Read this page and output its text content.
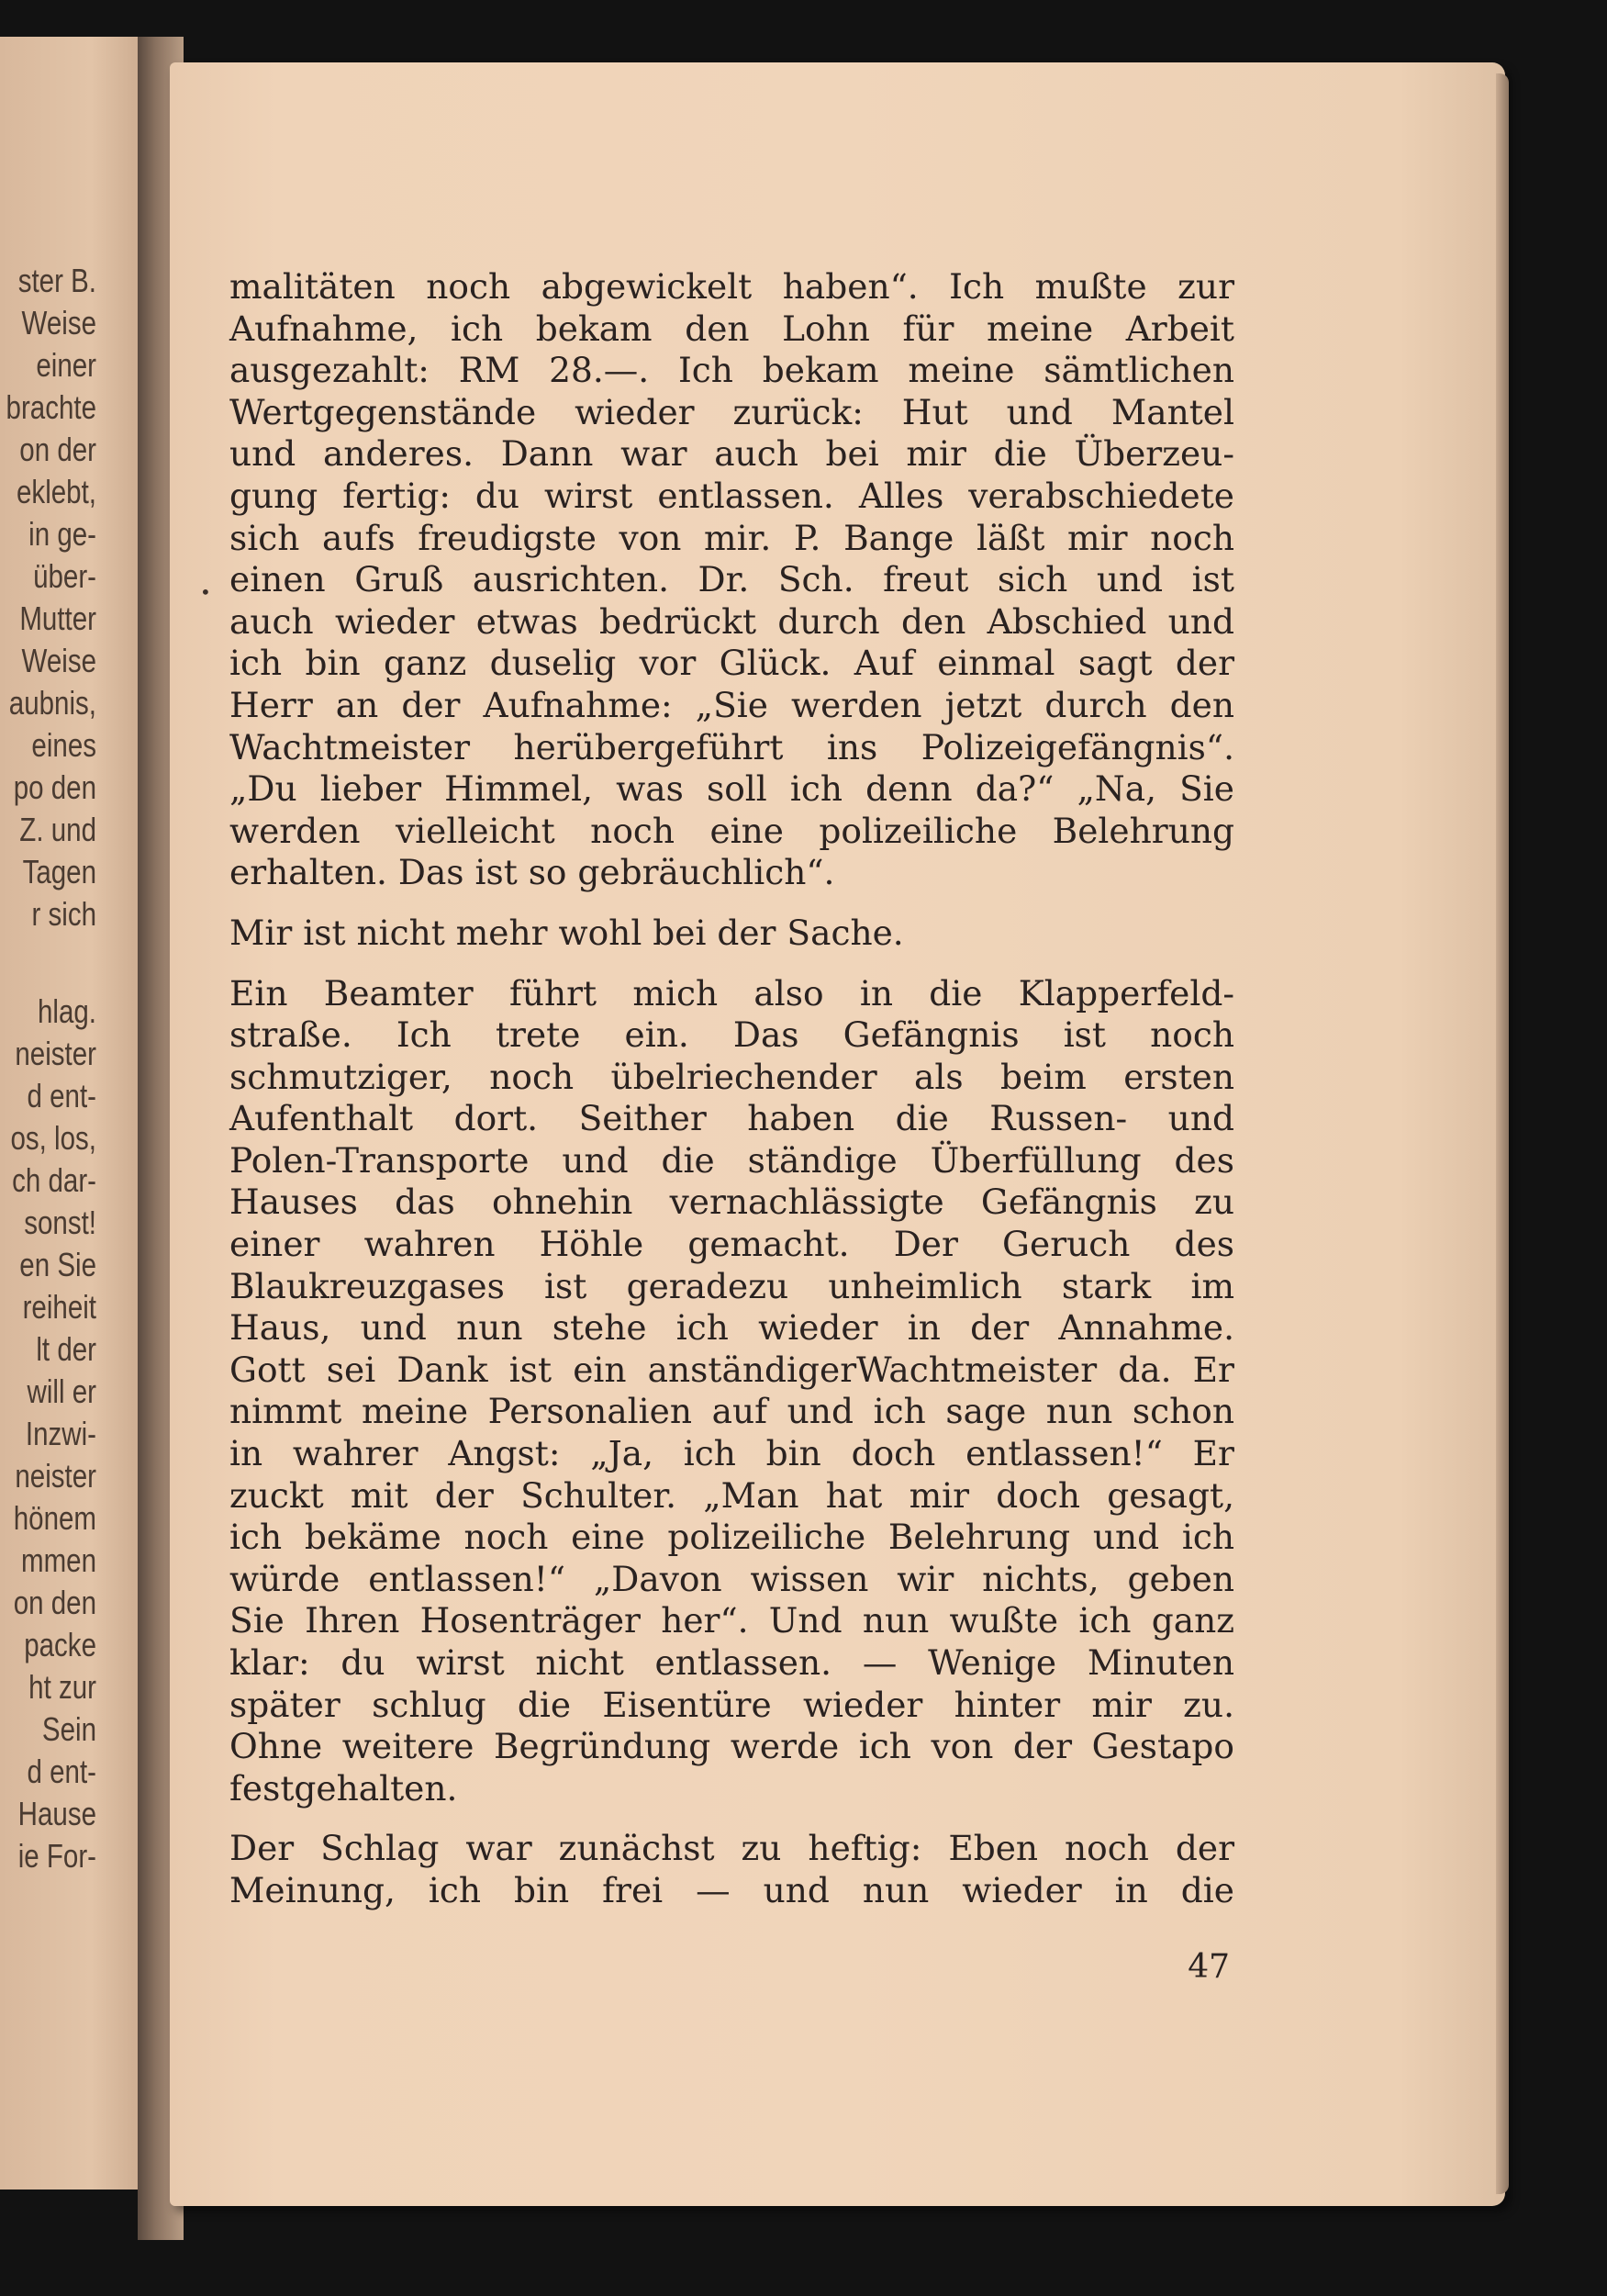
ster B.
Weise
einer
brachte
on der
eklebt,
in ge-
über-
Mutter
Weise
aubnis,
eines
po den
Z. und
Tagen
r sich
hlag.
neister
d ent-
os, los,
ch dar-
sonst!
en Sie
reiheit
lt der
will er
Inzwi-
neister
hönem
mmen
on den
packe
ht zur
Sein
d ent-
Hause
ie For-
•
malitäten noch abgewickelt haben“. Ich mußte zur
Aufnahme, ich bekam den Lohn für meine Arbeit
ausgezahlt: RM 28.—. Ich bekam meine sämtlichen
Wertgegenstände wieder zurück: Hut und Mantel
und anderes. Dann war auch bei mir die Überzeu-
gung fertig: du wirst entlassen. Alles verabschiedete
sich aufs freudigste von mir. P. Bange läßt mir noch
einen Gruß ausrichten. Dr. Sch. freut sich und ist
auch wieder etwas bedrückt durch den Abschied und
ich bin ganz duselig vor Glück. Auf einmal sagt der
Herr an der Aufnahme: „Sie werden jetzt durch den
Wachtmeister herübergeführt ins Polizeigefängnis“.
„Du lieber Himmel, was soll ich denn da?“ „Na, Sie
werden vielleicht noch eine polizeiliche Belehrung
erhalten. Das ist so gebräuchlich“.
Mir ist nicht mehr wohl bei der Sache.
Ein Beamter führt mich also in die Klapperfeld-
straße. Ich trete ein. Das Gefängnis ist noch
schmutziger, noch übelriechender als beim ersten
Aufenthalt dort. Seither haben die Russen- und
Polen-Transporte und die ständige Überfüllung des
Hauses das ohnehin vernachlässigte Gefängnis zu
einer wahren Höhle gemacht. Der Geruch des
Blaukreuzgases ist geradezu unheimlich stark im
Haus, und nun stehe ich wieder in der Annahme.
Gott sei Dank ist ein anständigerWachtmeister da. Er
nimmt meine Personalien auf und ich sage nun schon
in wahrer Angst: „Ja, ich bin doch entlassen!“ Er
zuckt mit der Schulter. „Man hat mir doch gesagt,
ich bekäme noch eine polizeiliche Belehrung und ich
würde entlassen!“ „Davon wissen wir nichts, geben
Sie Ihren Hosenträger her“. Und nun wußte ich ganz
klar: du wirst nicht entlassen. — Wenige Minuten
später schlug die Eisentüre wieder hinter mir zu.
Ohne weitere Begründung werde ich von der Gestapo
festgehalten.
Der Schlag war zunächst zu heftig: Eben noch der
Meinung, ich bin frei — und nun wieder in die
47
